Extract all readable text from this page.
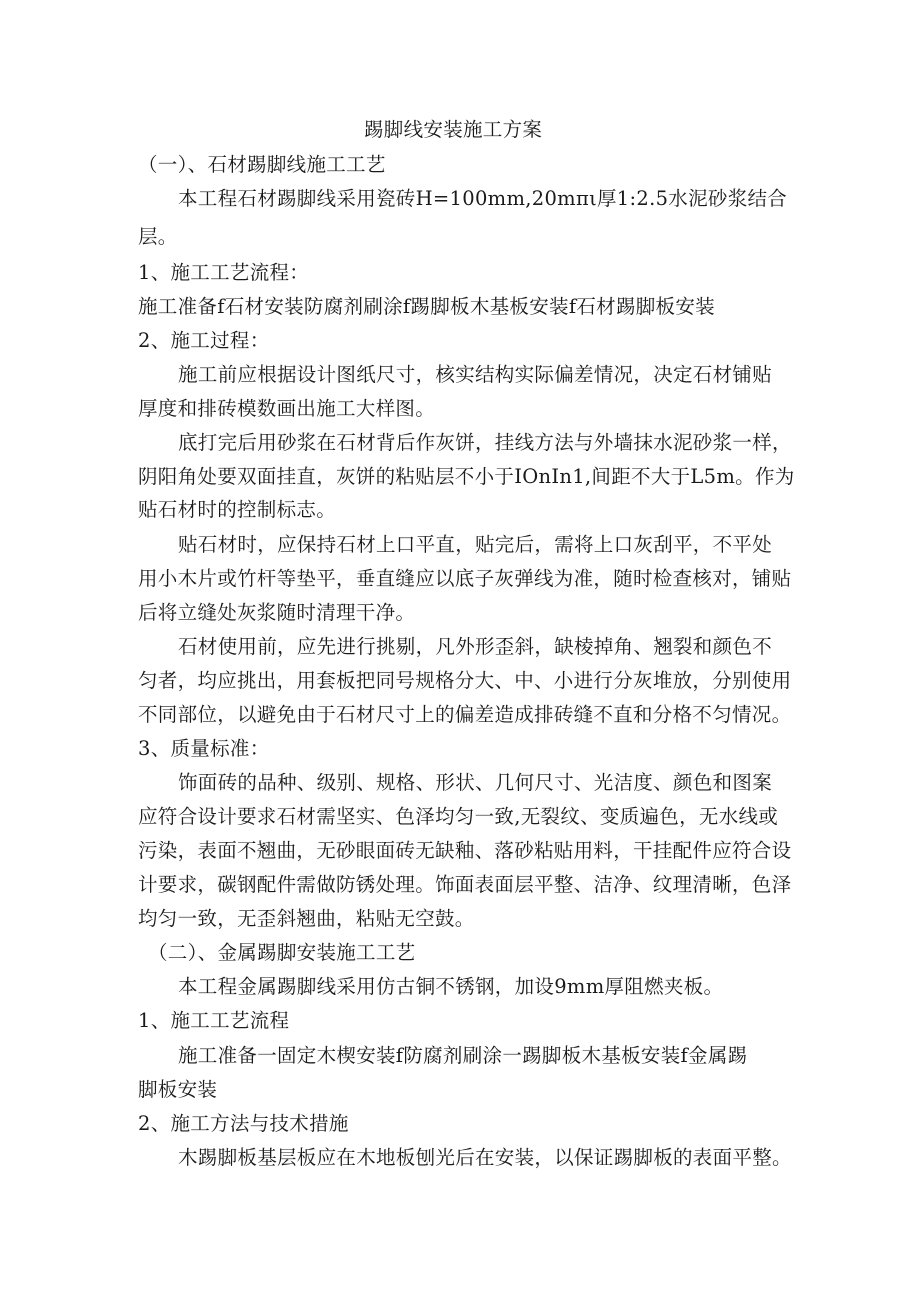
踢脚线安装施工方案
（一）、石材踢脚线施工工艺
本工程石材踢脚线采用瓷砖H=100mm,20mπι厚1:2.5水泥砂浆结合
层。
1、施工工艺流程：
施工准备f石材安装防腐剂刷涂f踢脚板木基板安装f石材踢脚板安装
2、施工过程：
施工前应根据设计图纸尺寸，核实结构实际偏差情况，决定石材铺贴
厚度和排砖模数画出施工大样图。
底打完后用砂浆在石材背后作灰饼，挂线方法与外墙抹水泥砂浆一样，
阴阳角处要双面挂直，灰饼的粘贴层不小于IOnIn1,间距不大于L5m。作为
贴石材时的控制标志。
贴石材时，应保持石材上口平直，贴完后，需将上口灰刮平，不平处
用小木片或竹杆等垫平，垂直缝应以底子灰弹线为准，随时检查核对，铺贴
后将立缝处灰浆随时清理干净。
石材使用前，应先进行挑剔，凡外形歪斜，缺棱掉角、翘裂和颜色不
匀者，均应挑出，用套板把同号规格分大、中、小进行分灰堆放，分别使用
不同部位，以避免由于石材尺寸上的偏差造成排砖缝不直和分格不匀情况。
3、质量标准：
饰面砖的品种、级别、规格、形状、几何尺寸、光洁度、颜色和图案
应符合设计要求石材需坚实、色泽均匀一致,无裂纹、变质遍色，无水线或
污染，表面不翘曲，无砂眼面砖无缺釉、落砂粘贴用料，干挂配件应符合设
计要求，碳钢配件需做防锈处理。饰面表面层平整、洁净、纹理清晰，色泽
均匀一致，无歪斜翘曲，粘贴无空鼓。
（二）、金属踢脚安装施工工艺
本工程金属踢脚线采用仿古铜不锈钢，加设9mm厚阻燃夹板。
1、施工工艺流程
施工准备一固定木楔安装f防腐剂刷涂一踢脚板木基板安装f金属踢
脚板安装
2、施工方法与技术措施
木踢脚板基层板应在木地板刨光后在安装，以保证踢脚板的表面平整。
